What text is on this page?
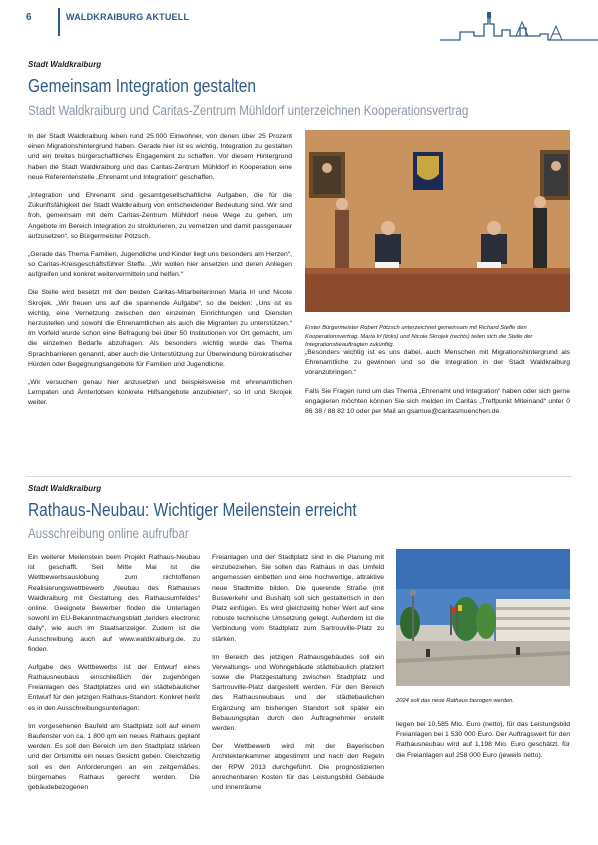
6	WALDKRAIBURG AKTUELL
Stadt Waldkraiburg
Gemeinsam Integration gestalten
Stadt Waldkraiburg und Caritas-Zentrum Mühldorf unterzeichnen Kooperationsvertrag

In der Stadt Waldkraiburg leben rund 25.000 Einwohner, von denen über 25 Prozent einen Migrationshintergrund haben. Gerade hier ist es wichtig, Integration zu gestalten und ein breites bürgerschaftliches Engagement zu schaffen. Vor diesem Hintergrund haben die Stadt Waldkraiburg und das Caritas-Zentrum Mühldorf in Kooperation eine neue Referentenstelle „Ehrenamt und Integration“ geschaffen.

„Integration und Ehrenamt sind gesamtgesellschaftliche Aufgaben, die für die Zukunftsfähigkeit der Stadt Waldkraiburg von entscheidender Bedeutung sind. Wir sind froh, gemeinsam mit dem Caritas-Zentrum Mühldorf neue Wege zu gehen, um Angebote im Bereich Integration zu strukturieren, zu vernetzen und damit passgenauer aufzusetzen“, so Bürgermeister Pötzsch.

„Gerade das Thema Familien, Jugendliche und Kinder liegt uns besonders am Herzen“, so Caritas-Kreisgeschäftsführer Steffe. „Wir wollen hier ansetzen und deren Anliegen aufgreifen und konkret weitervermitteln und helfen.“

Die Stelle wird besetzt mit den beiden Caritas-Mitarbeiterinnen Maria Irl und Nicole Skrojek. „Wir freuen uns auf die spannende Aufgabe“, so die beiden: „Uns ist es wichtig, eine Vernetzung zwischen den einzelnen Einrichtungen und Diensten herzustellen und sowohl die Ehrenamtlichen als auch die Migranten zu unterstützen.“ Im Vorfeld wurde schon eine Befragung bei über 50 Institutionen vor Ort gemacht, um die einzelnen Bedarfe abzufragen. Als besonders wichtig wurde das Thema Sprachbarrieren genannt, aber auch die Unterstützung zur Überwindung bürokratischer Hürden oder Begegnungsangebote für Familien und Jugendliche.

„Wir versuchen genau hier anzusetzen und beispielsweise mit ehrenamtlichen Lernpaten und Ämterlotsen konkrete Hilfsangebote anzubieten“, so Irl und Skrojek weiter.

Erster Bürgermeister Robert Pötzsch unterzeichnet gemeinsam mit Richard Steffe den Kooperationsvertrag. Maria Irl (links) und Nicole Skrojek (rechts) teilen sich die Stelle der Integrationsbeauftragten zukünftig.

„Besonders wichtig ist es uns dabei, auch Menschen mit Migrationshintergrund als Ehrenamtliche zu gewinnen und so die Integration in der Stadt Waldkraiburg voranzubringen.“

Falls Sie Fragen rund um das Thema „Ehrenamt und Integration“ haben oder sich gerne engagieren möchten können Sie sich melden im Caritas „Treffpunkt Miteinand“ unter 0 86 38 / 88 82 10 oder per Mail an gsamue@caritasmuenchen.de.

Stadt Waldkraiburg
Rathaus-Neubau: Wichtiger Meilenstein erreicht
Ausschreibung online aufrufbar

Ein weiterer Meilenstein beim Projekt Rathaus-Neubau ist geschafft. Seit Mitte Mai ist die Wettbewerbsauslobung zum nichtoffenen Realisierungswettbewerb „Neubau des Rathauses Waldkraiburg mit Gestaltung des Rathausumfeldes“ online. Geeignete Bewerber finden die Unterlagen sowohl im EU-Bekanntmachungsblatt „tenders electronic daily“, wie auch im Staatsanzeiger. Zudem ist die Ausschreibung auch auf www.waldkraiburg.de. zu finden.

Aufgabe des Wettbewerbs ist der Entwurf eines Rathausneubaus einschließlich der zugehörigen Freianlagen des Stadtplatzes und ein städtebaulicher Entwurf für den jetzigen Rathaus-Standort. Konkret heißt es in den Ausschreibungsunterlagen:

Im vorgesehenen Baufeld am Stadtplatz soll auf einem Baufenster von ca. 1 800 qm ein neues Rathaus geplant werden. Es soll den Bereich um den Stadtplatz stärken und der Ortsmitte ein neues Gesicht geben. Gleichzeitig soll es den Anforderungen an ein zeitgemäßes, bürgernahes Rathaus gerecht werden. Die gebäudebezogenen

Freianlagen und der Stadtplatz sind in die Planung mit einzubeziehen. Sie sollen das Rathaus in das Umfeld angemessen einbetten und eine hochwertige, attraktive neue Stadtmitte bilden. Die querende Straße (mit Buswerkehr und Bushalt) soll sich gestalterisch in den Platz einfügen. Es wird gleichzeitig hoher Wert auf eine robuste technische Umsetzung gelegt. Außerdem ist die Verbindung vom Stadtplatz zum Sartrouville-Platz zu stärken.

Im Bereich des jetzigen Rathausgebäudes soll ein Verwaltungs- und Wohngebäude städtebaulich platziert sowie die Platzgestaltung zwischen Stadtplatz und Sartrouville-Platz dargestellt werden. Für den Bereich des Rathausneubaus und der städtebaulichen Ergänzung am bisherigen Standort soll später ein Bebauungsplan durch den Auftragnehmer erstellt werden.

Der Wettbewerb wird mit der Bayerischen Architektenkammer abgestimmt und nach den Regeln der RPW 2013 durchgeführt. Die prognostizierten anrechenbaren Kosten für das Leistungsbild Gebäude und Innenräume

2024 soll das neue Rathaus bezogen werden.

liegen bei 10,585 Mio. Euro (netto), für das Leistungsbild Freianlagen bei 1 530 000 Euro. Der Auftragswert für den Rathausneubau wird auf 1,198 Mio. Euro geschätzt, für die Freianlagen auf 258 000 Euro (jeweils netto).
